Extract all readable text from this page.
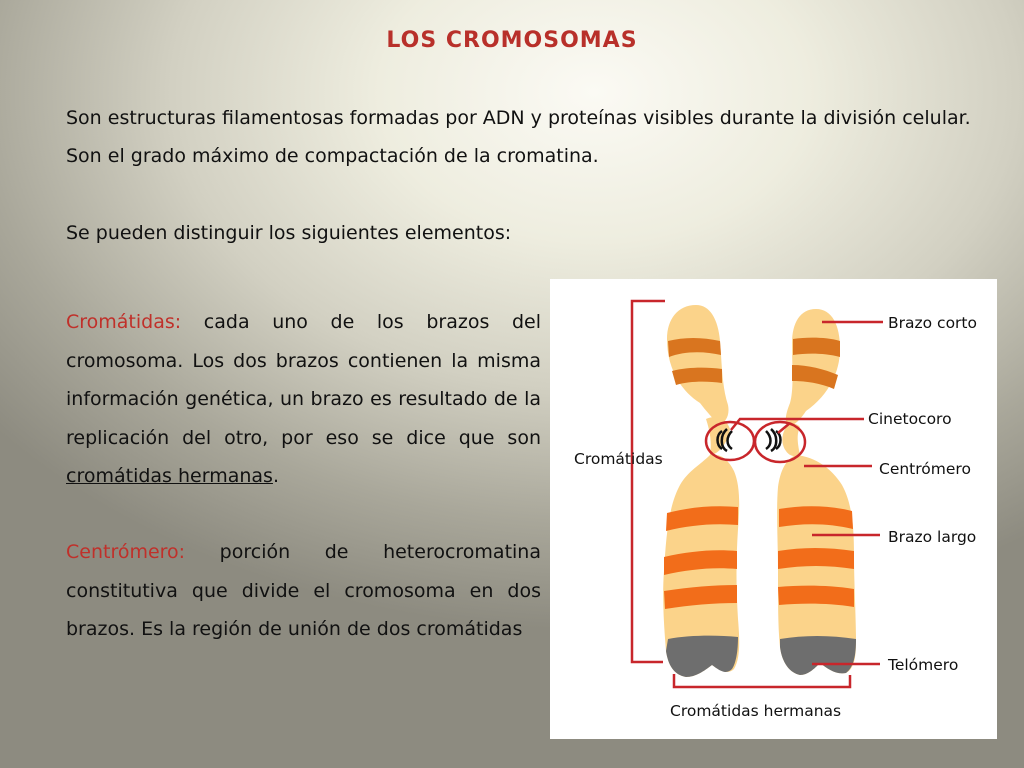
LOS CROMOSOMAS
Son estructuras filamentosas formadas por ADN y proteínas visibles durante la división celular. Son el grado máximo de compactación de la cromatina.
Se pueden distinguir los siguientes elementos:
Cromátidas: cada uno de los brazos del cromosoma. Los dos brazos contienen la misma información genética, un brazo es resultado de la replicación del otro, por eso se dice que son cromátidas hermanas.
Centrómero: porción de heterocromatina constitutiva que divide el cromosoma en dos brazos. Es la región de unión de dos cromátidas
Brazo corto
Cinetocoro
Centrómero
Cromátidas
Brazo largo
Telómero
Cromátidas hermanas
